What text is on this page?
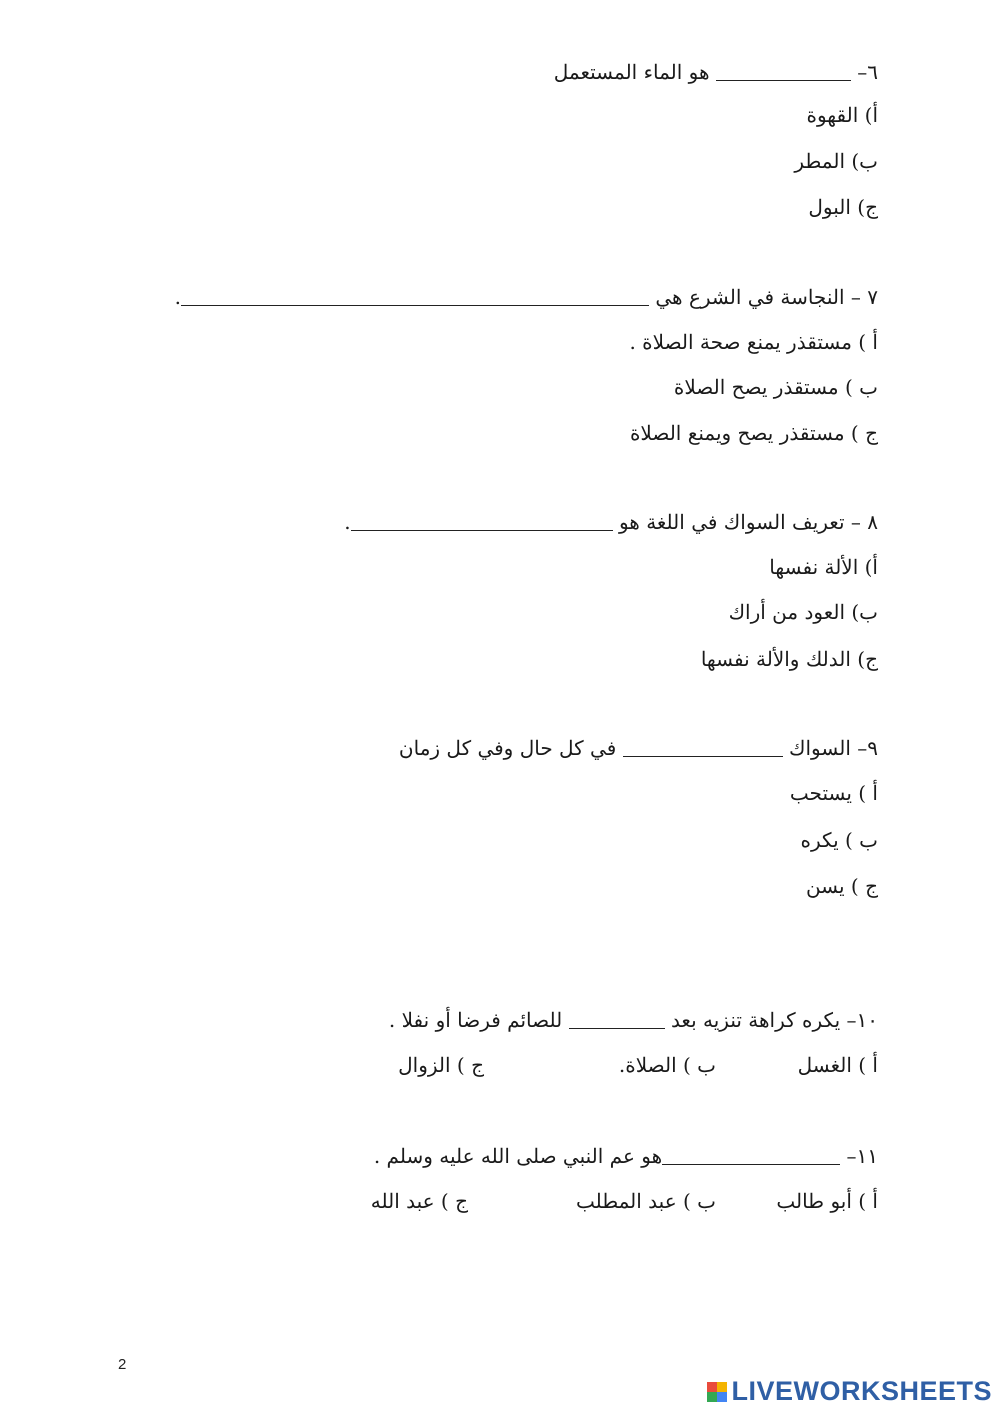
٦–  هو الماء المستعمل
أ) القهوة
ب) المطر
ج) البول
٧ – النجاسة في الشرع هي .
أ ) مستقذر يمنع صحة الصلاة .
ب ) مستقذر يصح الصلاة
ج ) مستقذر يصح ويمنع الصلاة
٨ – تعريف السواك في اللغة هو .
أ) الألة نفسها
ب) العود من أراك
ج) الدلك والألة نفسها
٩– السواك  في كل حال وفي كل زمان
أ ) يستحب
ب ) يكره
ج ) يسن
١٠– يكره كراهة تنزيه بعد  للصائم فرضا أو نفلا .
أ ) الغسل
ب ) الصلاة.
ج ) الزوال
١١– هو عم النبي صلى الله عليه وسلم .
أ ) أبو طالب
ب ) عبد المطلب
ج ) عبد الله
2
LIVEWORKSHEETS
